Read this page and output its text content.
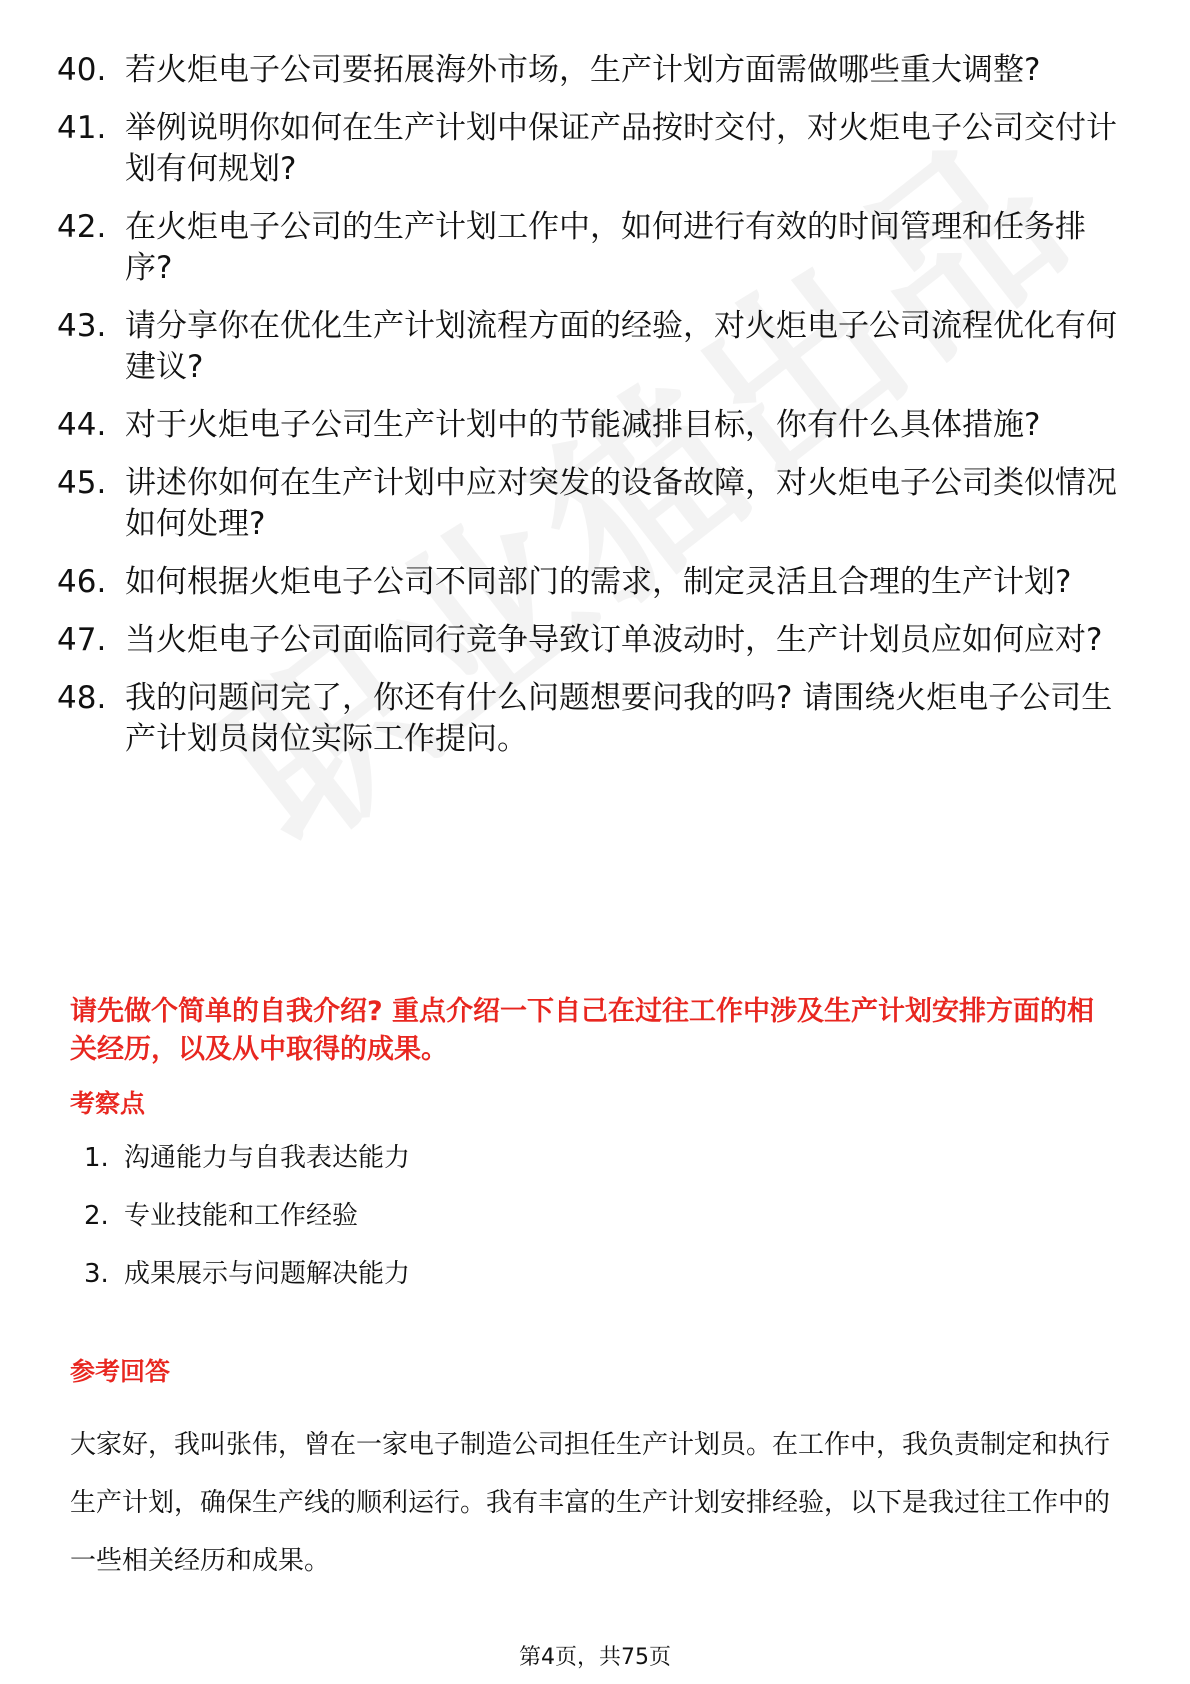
40. 若火炬电子公司要拓展海外市场，生产计划方面需做哪些重大调整?
41. 举例说明你如何在生产计划中保证产品按时交付，对火炬电子公司交付计划有何规划?
42. 在火炬电子公司的生产计划工作中，如何进行有效的时间管理和任务排序?
43. 请分享你在优化生产计划流程方面的经验，对火炬电子公司流程优化有何建议?
44. 对于火炬电子公司生产计划中的节能减排目标，你有什么具体措施?
45. 讲述你如何在生产计划中应对突发的设备故障，对火炬电子公司类似情况如何处理?
46. 如何根据火炬电子公司不同部门的需求，制定灵活且合理的生产计划?
47. 当火炬电子公司面临同行竞争导致订单波动时，生产计划员应如何应对?
48. 我的问题问完了，你还有什么问题想要问我的吗? 请围绕火炬电子公司生产计划员岗位实际工作提问。
请先做个简单的自我介绍? 重点介绍一下自己在过往工作中涉及生产计划安排方面的相关经历，以及从中取得的成果。
考察点
1. 沟通能力与自我表达能力
2. 专业技能和工作经验
3. 成果展示与问题解决能力
参考回答
大家好，我叫张伟，曾在一家电子制造公司担任生产计划员。在工作中，我负责制定和执行生产计划，确保生产线的顺利运行。我有丰富的生产计划安排经验，以下是我过往工作中的一些相关经历和成果。
第4页，共75页
